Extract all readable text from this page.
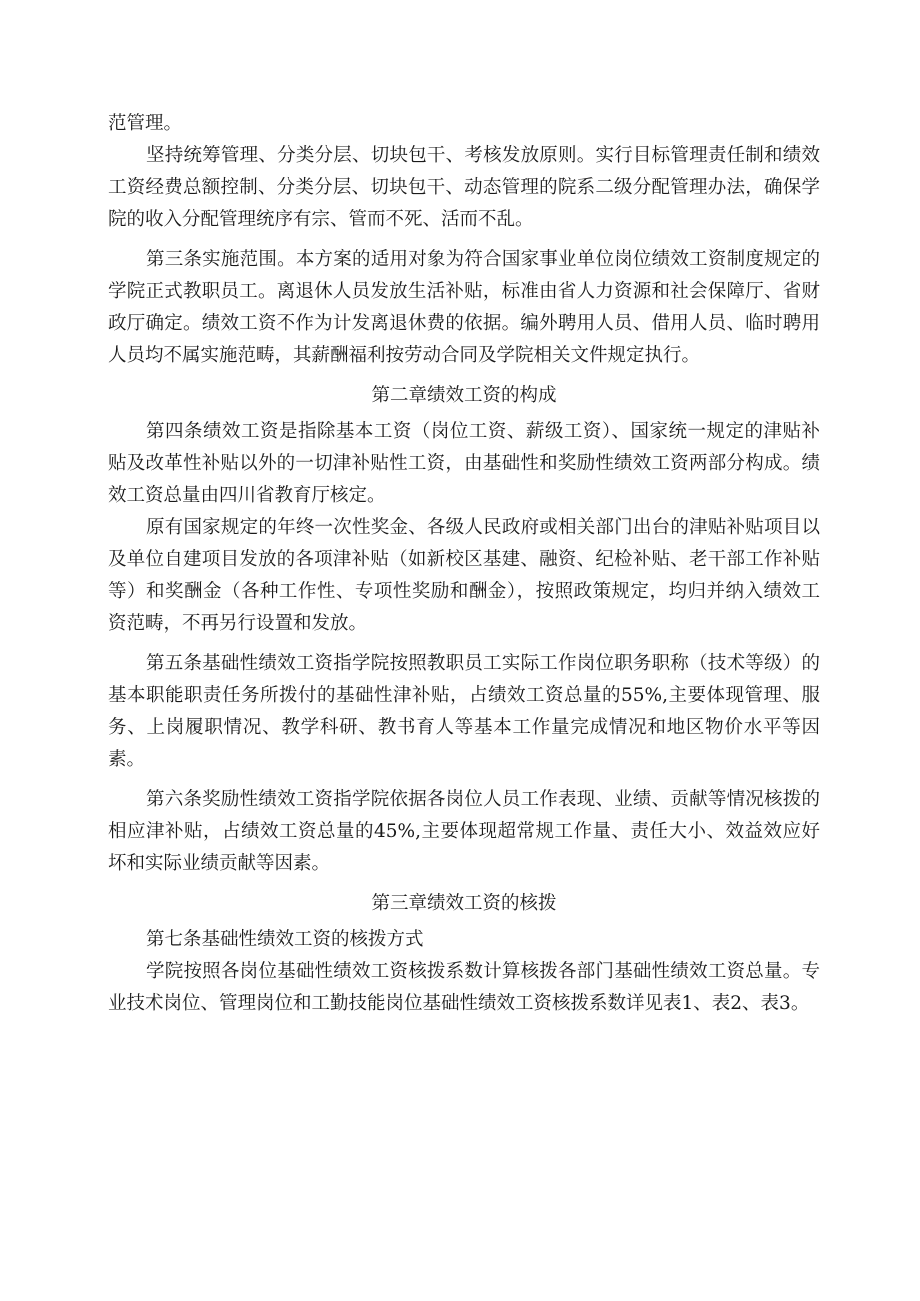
范管理。

坚持统筹管理、分类分层、切块包干、考核发放原则。实行目标管理责任制和绩效工资经费总额控制、分类分层、切块包干、动态管理的院系二级分配管理办法，确保学院的收入分配管理统序有宗、管而不死、活而不乱。

第三条实施范围。本方案的适用对象为符合国家事业单位岗位绩效工资制度规定的学院正式教职员工。离退休人员发放生活补贴，标准由省人力资源和社会保障厅、省财政厅确定。绩效工资不作为计发离退休费的依据。编外聘用人员、借用人员、临时聘用人员均不属实施范畴，其薪酬福利按劳动合同及学院相关文件规定执行。

第二章绩效工资的构成

第四条绩效工资是指除基本工资（岗位工资、薪级工资）、国家统一规定的津贴补贴及改革性补贴以外的一切津补贴性工资，由基础性和奖励性绩效工资两部分构成。绩效工资总量由四川省教育厅核定。

原有国家规定的年终一次性奖金、各级人民政府或相关部门出台的津贴补贴项目以及单位自建项目发放的各项津补贴（如新校区基建、融资、纪检补贴、老干部工作补贴等）和奖酬金（各种工作性、专项性奖励和酬金），按照政策规定，均归并纳入绩效工资范畴，不再另行设置和发放。

第五条基础性绩效工资指学院按照教职员工实际工作岗位职务职称（技术等级）的基本职能职责任务所拨付的基础性津补贴，占绩效工资总量的55%,主要体现管理、服务、上岗履职情况、教学科研、教书育人等基本工作量完成情况和地区物价水平等因素。

第六条奖励性绩效工资指学院依据各岗位人员工作表现、业绩、贡献等情况核拨的相应津补贴，占绩效工资总量的45%,主要体现超常规工作量、责任大小、效益效应好坏和实际业绩贡献等因素。

第三章绩效工资的核拨

第七条基础性绩效工资的核拨方式

学院按照各岗位基础性绩效工资核拨系数计算核拨各部门基础性绩效工资总量。专业技术岗位、管理岗位和工勤技能岗位基础性绩效工资核拨系数详见表1、表2、表3。
